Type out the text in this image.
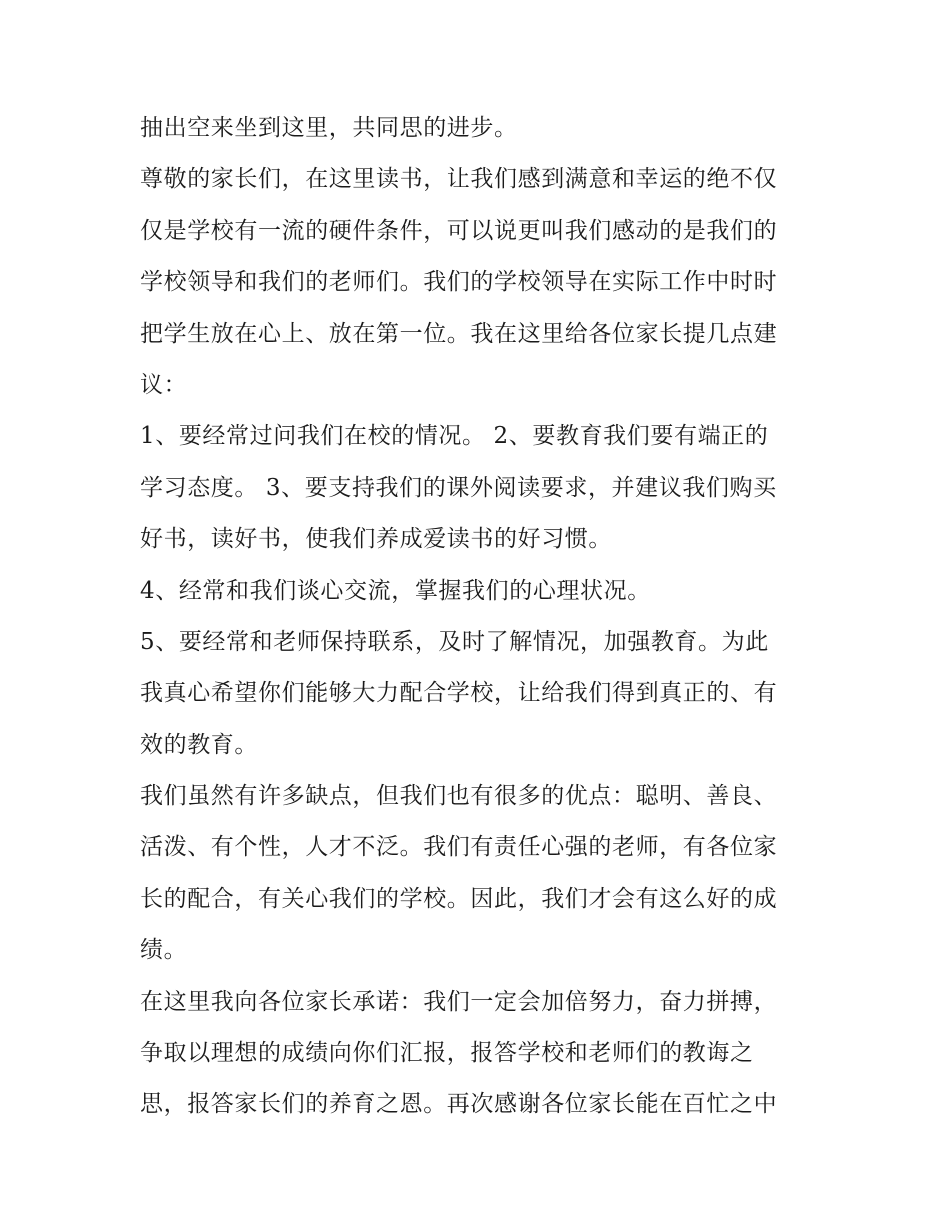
抽出空来坐到这里，共同思的进步。
尊敬的家长们，在这里读书，让我们感到满意和幸运的绝不仅
仅是学校有一流的硬件条件，可以说更叫我们感动的是我们的
学校领导和我们的老师们。我们的学校领导在实际工作中时时
把学生放在心上、放在第一位。我在这里给各位家长提几点建
议：
1、要经常过问我们在校的情况。 2、要教育我们要有端正的
学习态度。 3、要支持我们的课外阅读要求，并建议我们购买
好书，读好书，使我们养成爱读书的好习惯。
4、经常和我们谈心交流，掌握我们的心理状况。
5、要经常和老师保持联系，及时了解情况，加强教育。为此
我真心希望你们能够大力配合学校，让给我们得到真正的、有
效的教育。
我们虽然有许多缺点，但我们也有很多的优点：聪明、善良、
活泼、有个性，人才不泛。我们有责任心强的老师，有各位家
长的配合，有关心我们的学校。因此，我们才会有这么好的成
绩。
在这里我向各位家长承诺：我们一定会加倍努力，奋力拼搏，
争取以理想的成绩向你们汇报，报答学校和老师们的教诲之
思，报答家长们的养育之恩。再次感谢各位家长能在百忙之中
